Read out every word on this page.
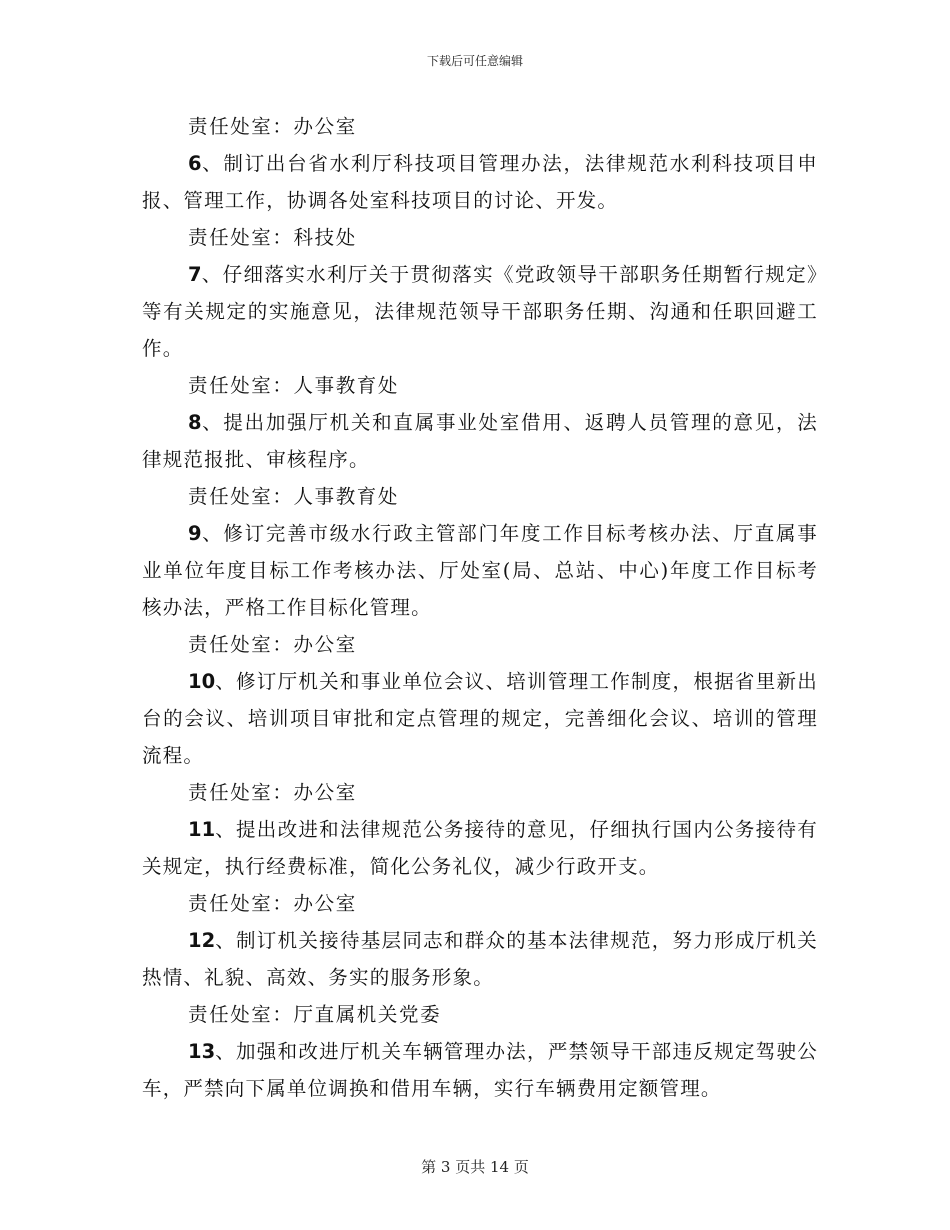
下载后可任意编辑

责任处室：办公室

6、制订出台省水利厅科技项目管理办法，法律规范水利科技项目申报、管理工作，协调各处室科技项目的讨论、开发。

责任处室：科技处

7、仔细落实水利厅关于贯彻落实《党政领导干部职务任期暂行规定》等有关规定的实施意见，法律规范领导干部职务任期、沟通和任职回避工作。

责任处室：人事教育处

8、提出加强厅机关和直属事业处室借用、返聘人员管理的意见，法律规范报批、审核程序。

责任处室：人事教育处

9、修订完善市级水行政主管部门年度工作目标考核办法、厅直属事业单位年度目标工作考核办法、厅处室(局、总站、中心)年度工作目标考核办法，严格工作目标化管理。

责任处室：办公室

10、修订厅机关和事业单位会议、培训管理工作制度，根据省里新出台的会议、培训项目审批和定点管理的规定，完善细化会议、培训的管理流程。

责任处室：办公室

11、提出改进和法律规范公务接待的意见，仔细执行国内公务接待有关规定，执行经费标准，简化公务礼仪，减少行政开支。

责任处室：办公室

12、制订机关接待基层同志和群众的基本法律规范，努力形成厅机关热情、礼貌、高效、务实的服务形象。

责任处室：厅直属机关党委

13、加强和改进厅机关车辆管理办法，严禁领导干部违反规定驾驶公车，严禁向下属单位调换和借用车辆，实行车辆费用定额管理。

第 3 页共 14 页
